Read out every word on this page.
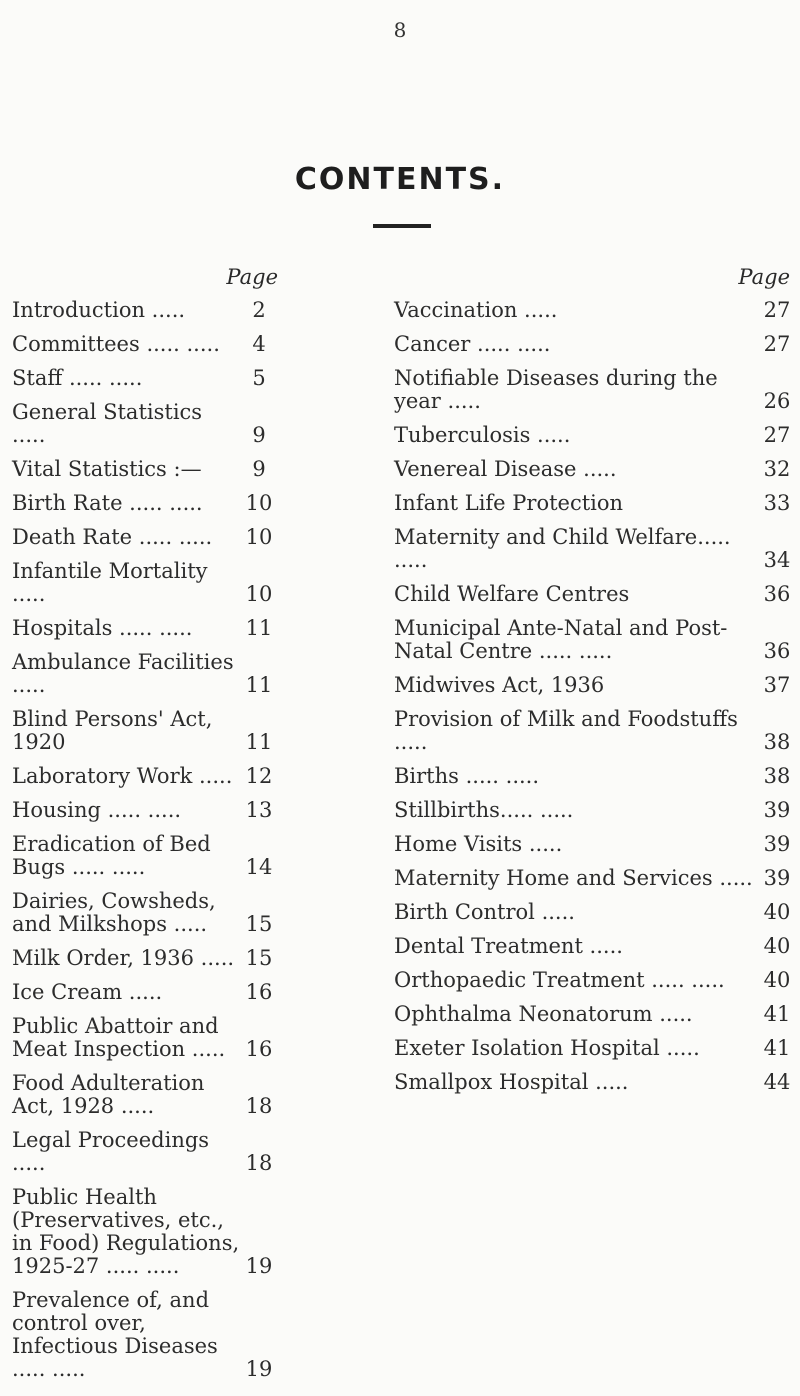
8
CONTENTS.
Page
Introduction .....	2
Committees ..... .....	4
Staff ..... .....	5
General Statistics .....	9
Vital Statistics :—	9
Birth Rate ..... .....	10
Death Rate ..... .....	10
Infantile Mortality .....	10
Hospitals ..... .....	11
Ambulance Facilities .....	11
Blind Persons' Act, 1920	11
Laboratory Work ..... 12
Housing ..... .....	13
Eradication of Bed Bugs ..... .....	14
Dairies, Cowsheds, and Milkshops .....	15
Milk Order, 1936 ..... 15
Ice Cream .....	16
Public Abattoir and Meat Inspection ..... 16
Food Adulteration Act, 1928 .....	18
Legal Proceedings .....	18
Public Health (Preservatives, etc., in Food) Regulations, 1925-27 ..... .....	19
Prevalence of, and control over, Infectious Diseases ..... .....	19
Page
Vaccination .....	27
Cancer ..... .....	27
Notifiable Diseases during the year .....	26
Tuberculosis .....	27
Venereal Disease .....	32
Infant Life Protection	33
Maternity and Child Welfare..... .....	34
Child Welfare Centres	36
Municipal Ante-Natal and Post-Natal Centre ..... .....	36
Midwives Act, 1936	37
Provision of Milk and Foodstuffs .....	38
Births ..... .....	38
Stillbirths..... .....	39
Home Visits .....	39
Maternity Home and Services ..... 39
Birth Control .....	40
Dental Treatment .....	40
Orthopaedic Treatment ..... .....	40
Ophthalma Neonatorum .....	41
Exeter Isolation Hospital .....	41
Smallpox Hospital .....	44
